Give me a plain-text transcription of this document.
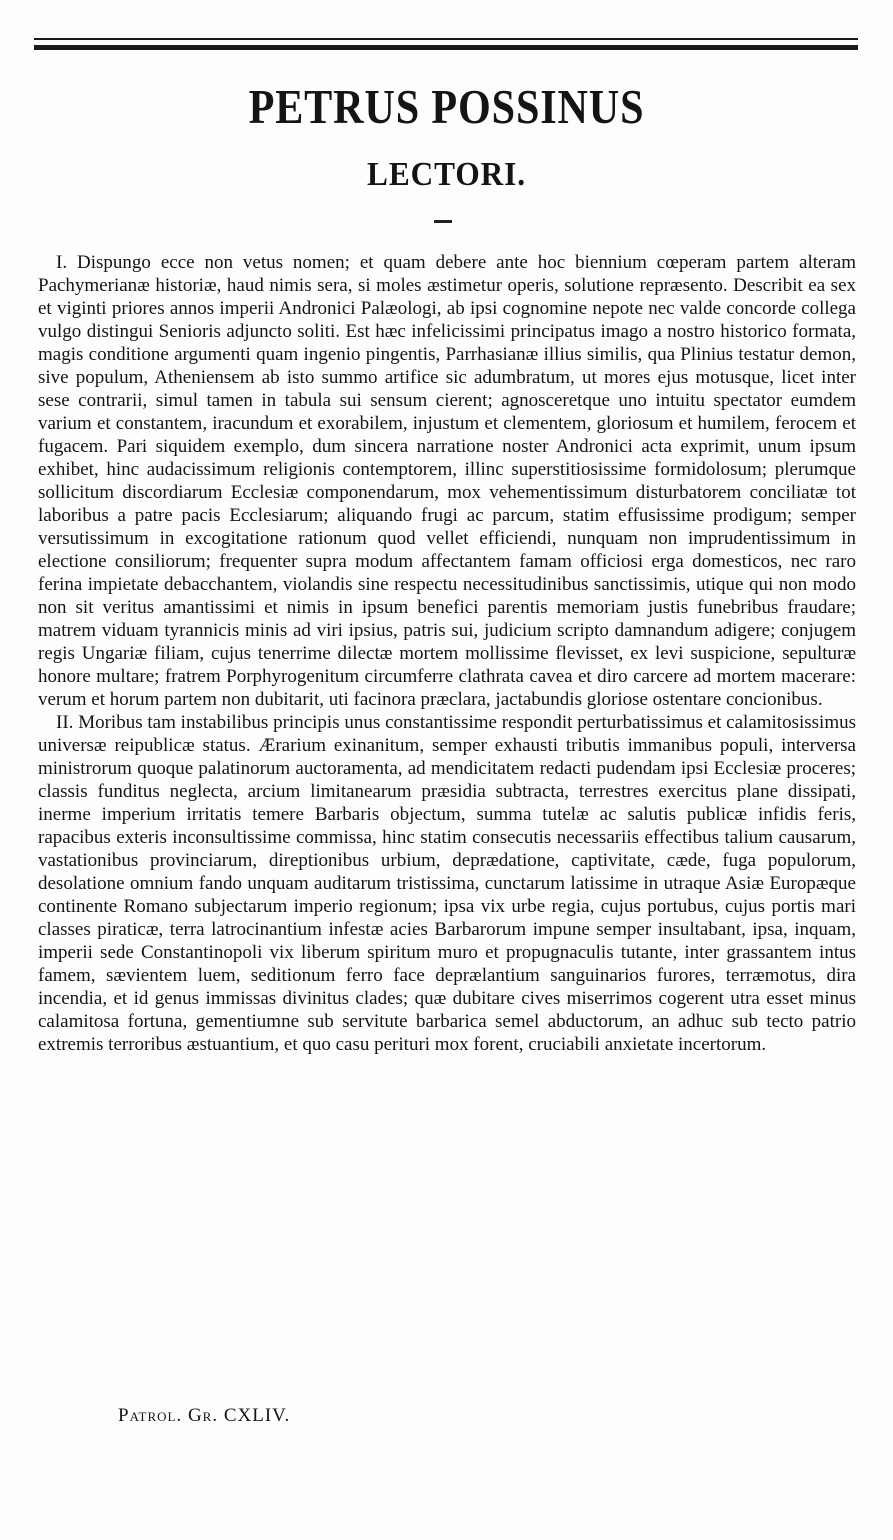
PETRUS POSSINUS
LECTORI.

I. Dispungo ecce non vetus nomen; et quam debere ante hoc biennium cœperam partem alteram Pachymerianæ historiæ, haud nimis sera, si moles æstimetur operis, solutione repræsento. Describit ea sex et viginti priores annos imperii Andronici Palæologi, ab ipsi cognomine nepote nec valde concorde collega vulgo distingui Senioris adjuncto soliti. Est hæc infelicissimi principatus imago a nostro historico formata, magis conditione argumenti quam ingenio pingentis, Parrhasianæ illius similis, qua Plinius testatur demon, sive populum, Atheniensem ab isto summo artifice sic adumbratum, ut mores ejus motusque, licet inter sese contrarii, simul tamen in tabula sui sensum cierent; agnosceretque uno intuitu spectator eumdem varium et constantem, iracundum et exorabilem, injustum et clementem, gloriosum et humilem, ferocem et fugacem. Pari siquidem exemplo, dum sincera narratione noster Andronici acta exprimit, unum ipsum exhibet, hinc audacissimum religionis contemptorem, illinc superstitiosissime formidolosum; plerumque sollicitum discordiarum Ecclesiæ componendarum, mox vehementissimum disturbatorem conciliatæ tot laboribus a patre pacis Ecclesiarum; aliquando frugi ac parcum, statim effusissime prodigum; semper versutissimum in excogitatione rationum quod vellet efficiendi, nunquam non imprudentissimum in electione consiliorum; frequenter supra modum affectantem famam officiosi erga domesticos, nec raro ferina impietate debacchantem, violandis sine respectu necessitudinibus sanctissimis, utique qui non modo non sit veritus amantissimi et nimis in ipsum benefici parentis memoriam justis funebribus fraudare; matrem viduam tyrannicis minis ad viri ipsius, patris sui, judicium scripto damnandum adigere; conjugem regis Ungariæ filiam, cujus tenerrime dilectæ mortem mollissime flevisset, ex levi suspicione, sepulturæ honore multare; fratrem Porphyrogenitum circumferre clathrata cavea et diro carcere ad mortem macerare: verum et horum partem non dubitarit, uti facinora præclara, jactabundis gloriose ostentare concionibus.

II. Moribus tam instabilibus principis unus constantissime respondit perturbatissimus et calamitosissimus universæ reipublicæ status. Ærarium exinanitum, semper exhausti tributis immanibus populi, interversa ministrorum quoque palatinorum auctoramenta, ad mendicitatem redacti pudendam ipsi Ecclesiæ proceres; classis funditus neglecta, arcium limitanearum præsidia subtracta, terrestres exercitus plane dissipati, inerme imperium irritatis temere Barbaris objectum, summa tutelæ ac salutis publicæ infidis feris, rapacibus exteris inconsultissime commissa, hinc statim consecutis necessariis effectibus talium causarum, vastationibus provinciarum, direptionibus urbium, deprædatione, captivitate, cæde, fuga populorum, desolatione omnium fando unquam auditarum tristissima, cunctarum latissime in utraque Asiæ Europæque continente Romano subjectarum imperio regionum; ipsa vix urbe regia, cujus portubus, cujus portis mari classes piraticæ, terra latrocinantium infestæ acies Barbarorum impune semper insultabant, ipsa, inquam, imperii sede Constantinopoli vix liberum spiritum muro et propugnaculis tutante, inter grassantem intus famem, sævientem luem, seditionum ferro face deprælantium sanguinarios furores, terræmotus, dira incendia, et id genus immissas divinitus clades; quæ dubitare cives miserrimos cogerent utra esset minus calamitosa fortuna, gementiumne sub servitute barbarica semel abductorum, an adhuc sub tecto patrio extremis terroribus æstuantium, et quo casu perituri mox forent, cruciabili anxietate incertorum.

Patrol. Gr. CXLIV.
